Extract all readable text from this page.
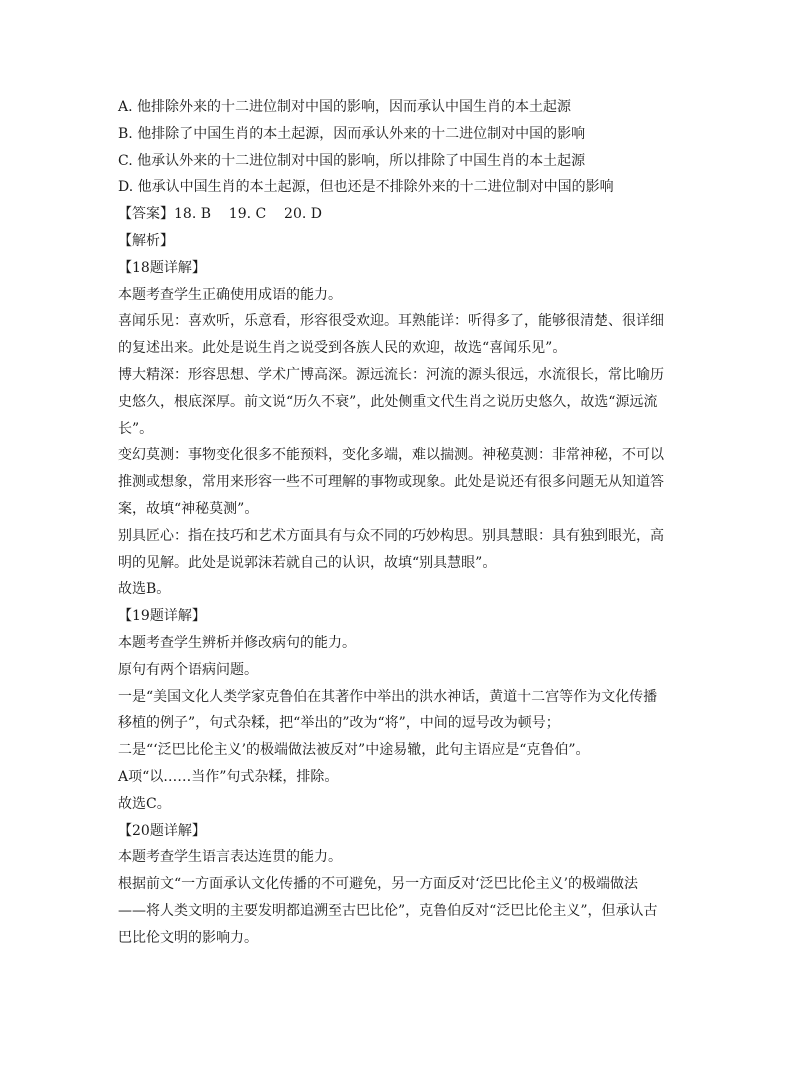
A. 他排除外来的十二进位制对中国的影响，因而承认中国生肖的本土起源
B. 他排除了中国生肖的本土起源，因而承认外来的十二进位制对中国的影响
C. 他承认外来的十二进位制对中国的影响，所以排除了中国生肖的本土起源
D. 他承认中国生肖的本土起源，但也还是不排除外来的十二进位制对中国的影响
【答案】18. B    19. C    20. D
【解析】
【18题详解】
本题考查学生正确使用成语的能力。
喜闻乐见：喜欢听，乐意看，形容很受欢迎。耳熟能详：听得多了，能够很清楚、很详细
的复述出来。此处是说生肖之说受到各族人民的欢迎，故选“喜闻乐见”。
博大精深：形容思想、学术广博高深。源远流长：河流的源头很远，水流很长，常比喻历
史悠久，根底深厚。前文说“历久不衰”，此处侧重文代生肖之说历史悠久，故选“源远流
长”。
变幻莫测：事物变化很多不能预料，变化多端，难以揣测。神秘莫测：非常神秘，不可以
推测或想象，常用来形容一些不可理解的事物或现象。此处是说还有很多问题无从知道答
案，故填“神秘莫测”。
别具匠心：指在技巧和艺术方面具有与众不同的巧妙构思。别具慧眼：具有独到眼光，高
明的见解。此处是说郭沫若就自己的认识，故填“别具慧眼”。
故选B。
【19题详解】
本题考查学生辨析并修改病句的能力。
原句有两个语病问题。
一是“美国文化人类学家克鲁伯在其著作中举出的洪水神话，黄道十二宫等作为文化传播
移植的例子”，句式杂糅，把“举出的”改为“将”，中间的逗号改为顿号；
二是“‘泛巴比伦主义’的极端做法被反对”中途易辙，此句主语应是“克鲁伯”。
A项“以……当作”句式杂糅，排除。
故选C。
【20题详解】
本题考查学生语言表达连贯的能力。
根据前文“一方面承认文化传播的不可避免，另一方面反对‘泛巴比伦主义’的极端做法
——将人类文明的主要发明都追溯至古巴比伦”，克鲁伯反对“泛巴比伦主义”，但承认古
巴比伦文明的影响力。
